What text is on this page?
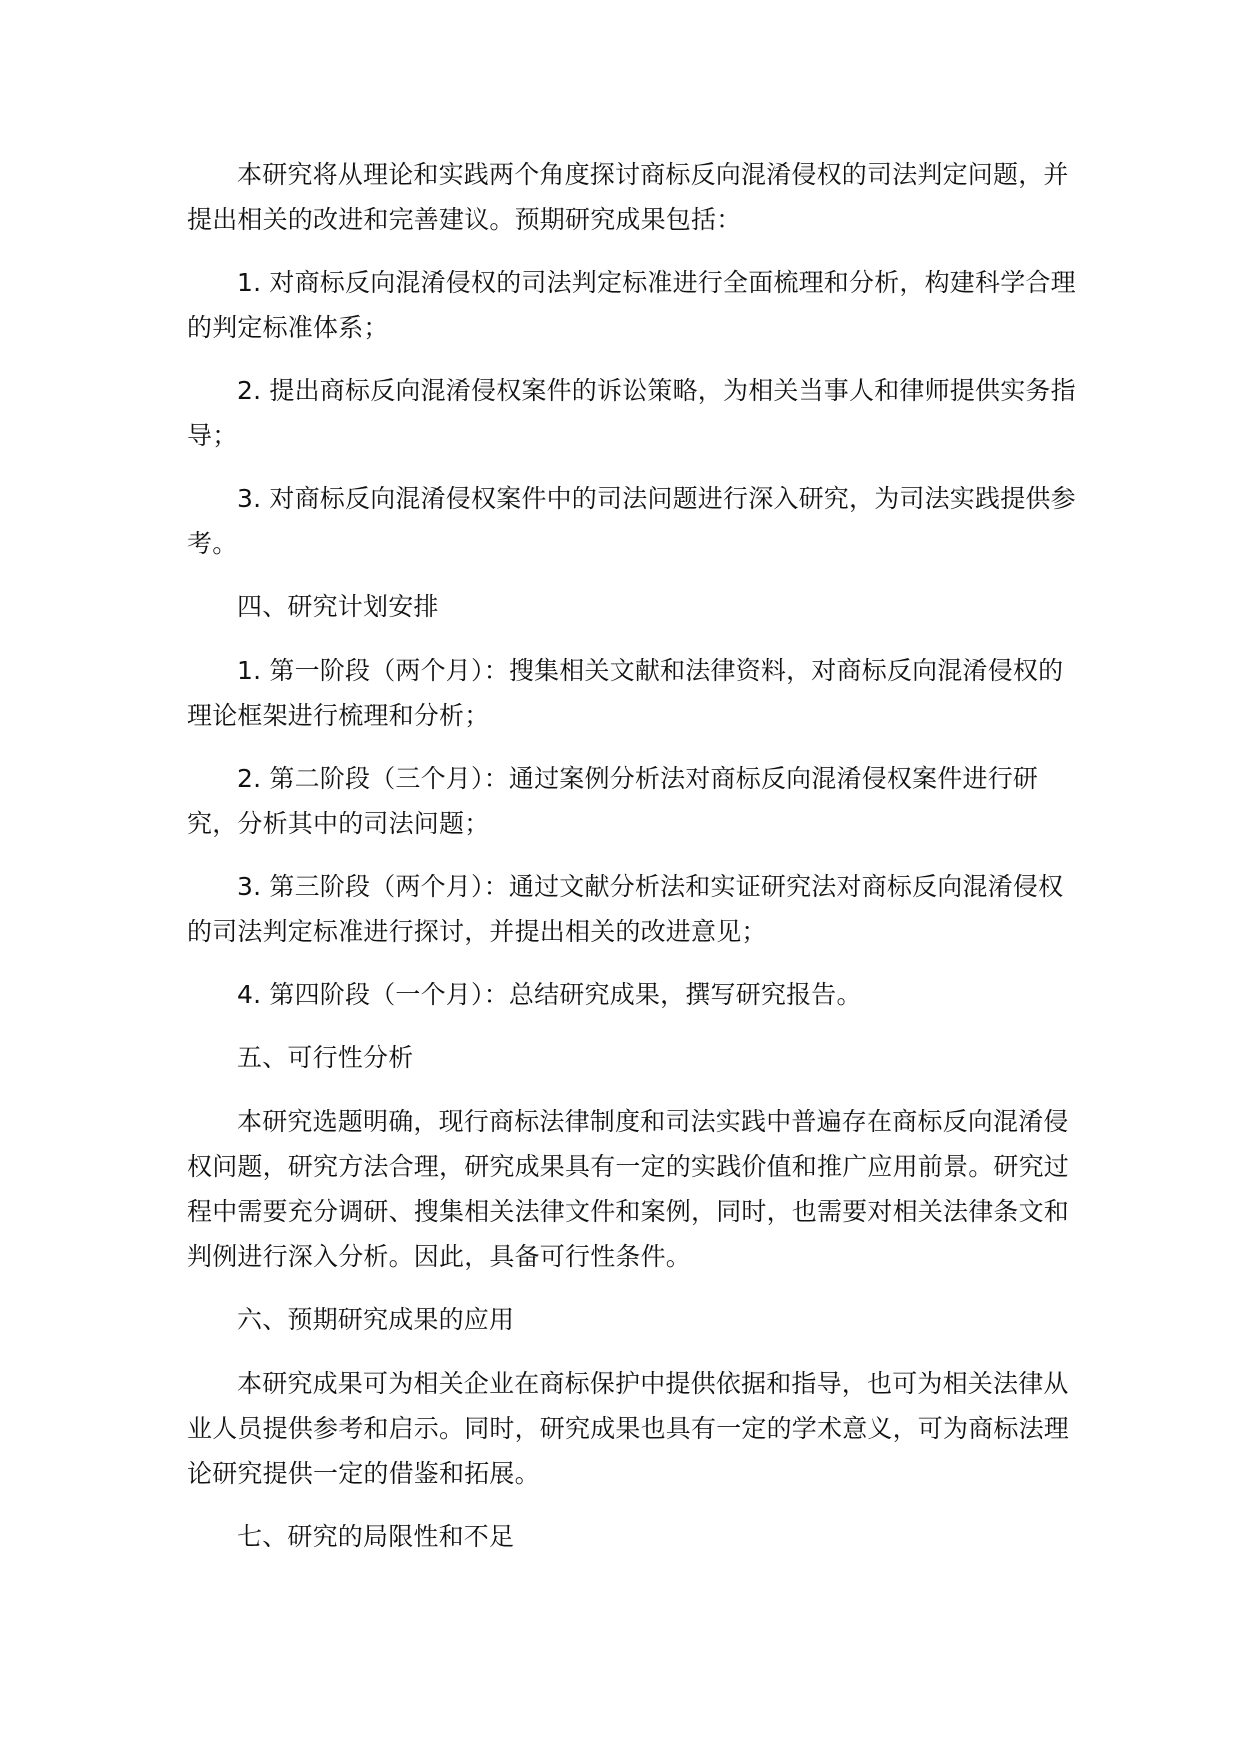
本研究将从理论和实践两个角度探讨商标反向混淆侵权的司法判定问题，并提出相关的改进和完善建议。预期研究成果包括：

1. 对商标反向混淆侵权的司法判定标准进行全面梳理和分析，构建科学合理的判定标准体系；

2. 提出商标反向混淆侵权案件的诉讼策略，为相关当事人和律师提供实务指导；

3. 对商标反向混淆侵权案件中的司法问题进行深入研究，为司法实践提供参考。

四、研究计划安排

1. 第一阶段（两个月）：搜集相关文献和法律资料，对商标反向混淆侵权的理论框架进行梳理和分析；

2. 第二阶段（三个月）：通过案例分析法对商标反向混淆侵权案件进行研究，分析其中的司法问题；

3. 第三阶段（两个月）：通过文献分析法和实证研究法对商标反向混淆侵权的司法判定标准进行探讨，并提出相关的改进意见；

4. 第四阶段（一个月）：总结研究成果，撰写研究报告。

五、可行性分析

本研究选题明确，现行商标法律制度和司法实践中普遍存在商标反向混淆侵权问题，研究方法合理，研究成果具有一定的实践价值和推广应用前景。研究过程中需要充分调研、搜集相关法律文件和案例，同时，也需要对相关法律条文和判例进行深入分析。因此，具备可行性条件。

六、预期研究成果的应用

本研究成果可为相关企业在商标保护中提供依据和指导，也可为相关法律从业人员提供参考和启示。同时，研究成果也具有一定的学术意义，可为商标法理论研究提供一定的借鉴和拓展。

七、研究的局限性和不足
